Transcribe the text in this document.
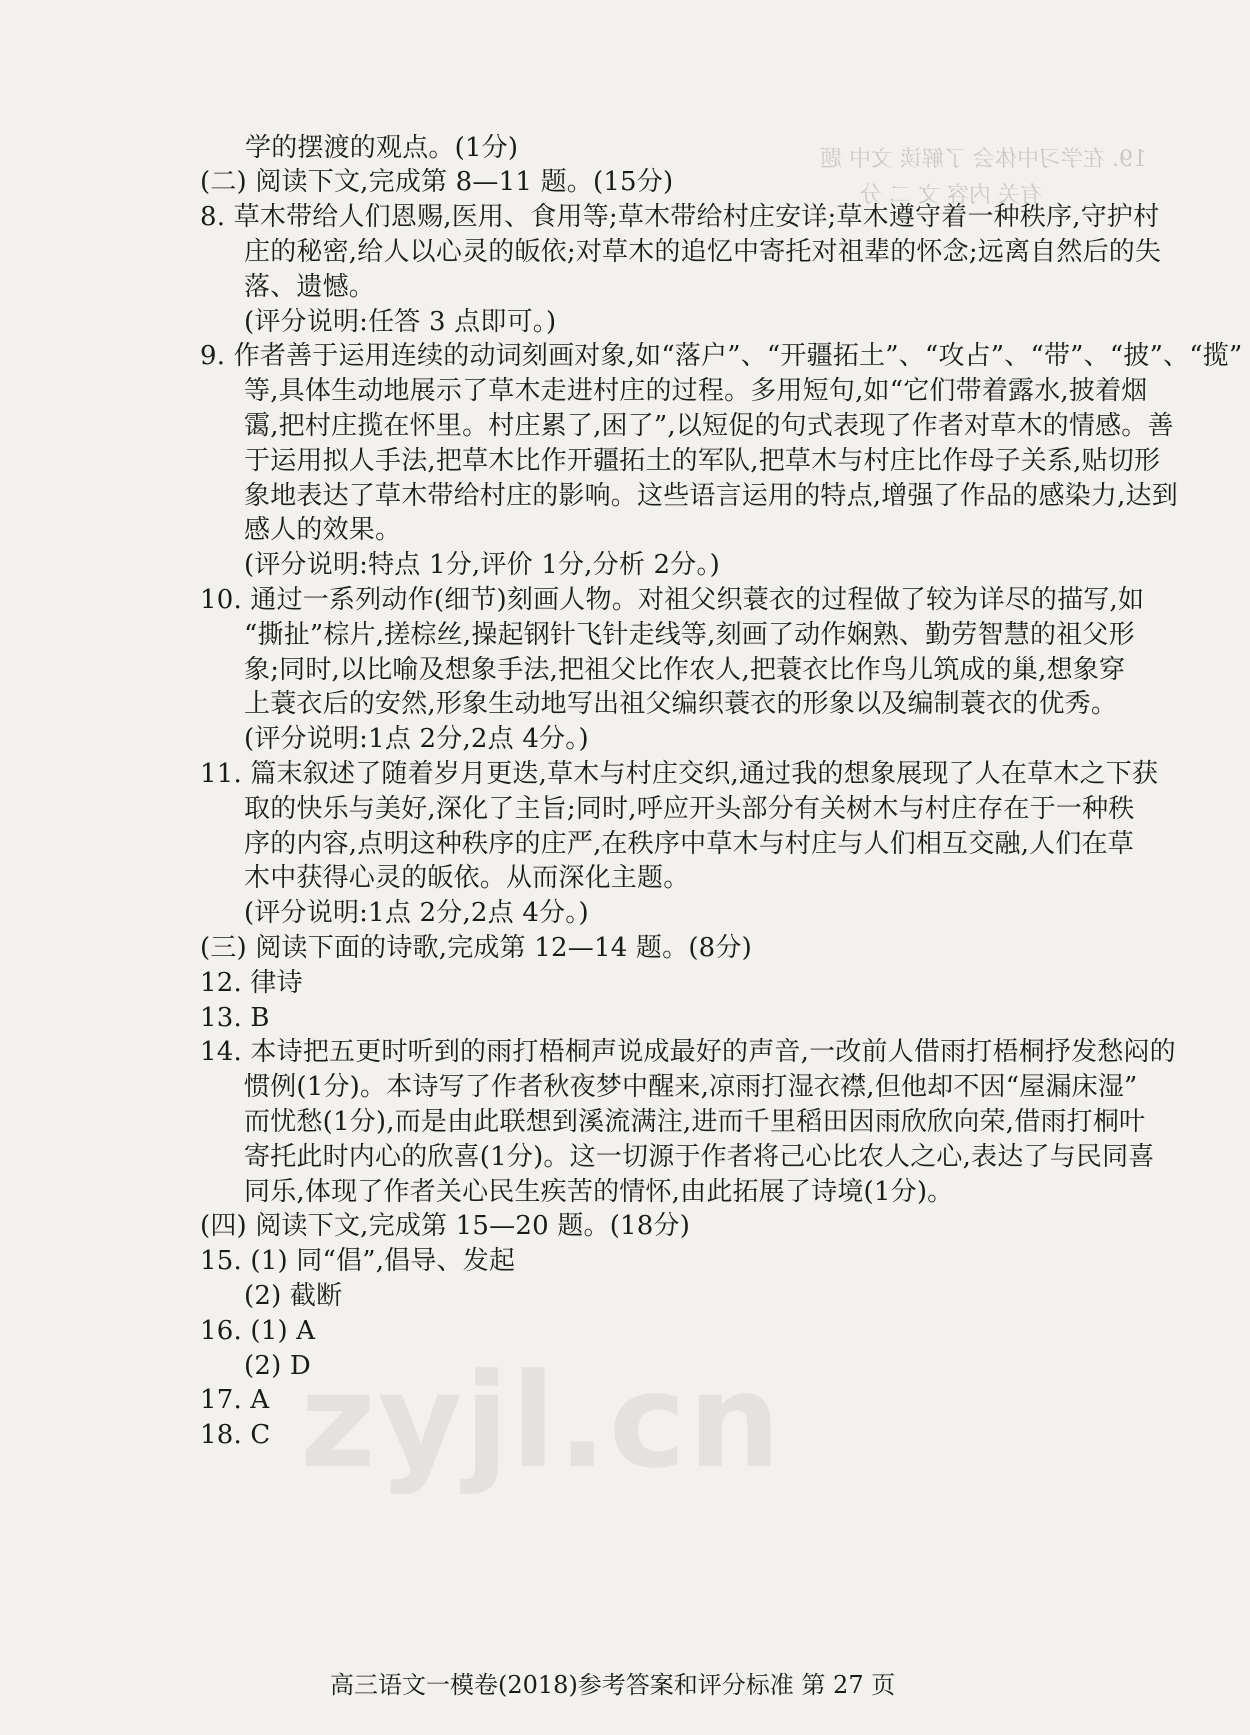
19. 在学习中体会 了解读 文中 题
有关 内容 文 二 分
zyjl.cn
学的摆渡的观点。(1分)
(二) 阅读下文,完成第 8—11 题。(15分)
8. 草木带给人们恩赐,医用、食用等;草木带给村庄安详;草木遵守着一种秩序,守护村
庄的秘密,给人以心灵的皈依;对草木的追忆中寄托对祖辈的怀念;远离自然后的失
落、遗憾。
(评分说明:任答 3 点即可。)
9. 作者善于运用连续的动词刻画对象,如“落户”、“开疆拓土”、“攻占”、“带”、“披”、“揽”
等,具体生动地展示了草木走进村庄的过程。多用短句,如“它们带着露水,披着烟
霭,把村庄揽在怀里。村庄累了,困了”,以短促的句式表现了作者对草木的情感。善
于运用拟人手法,把草木比作开疆拓土的军队,把草木与村庄比作母子关系,贴切形
象地表达了草木带给村庄的影响。这些语言运用的特点,增强了作品的感染力,达到
感人的效果。
(评分说明:特点 1分,评价 1分,分析 2分。)
10. 通过一系列动作(细节)刻画人物。对祖父织蓑衣的过程做了较为详尽的描写,如
“撕扯”棕片,搓棕丝,操起钢针飞针走线等,刻画了动作娴熟、勤劳智慧的祖父形
象;同时,以比喻及想象手法,把祖父比作农人,把蓑衣比作鸟儿筑成的巢,想象穿
上蓑衣后的安然,形象生动地写出祖父编织蓑衣的形象以及编制蓑衣的优秀。
(评分说明:1点 2分,2点 4分。)
11. 篇末叙述了随着岁月更迭,草木与村庄交织,通过我的想象展现了人在草木之下获
取的快乐与美好,深化了主旨;同时,呼应开头部分有关树木与村庄存在于一种秩
序的内容,点明这种秩序的庄严,在秩序中草木与村庄与人们相互交融,人们在草
木中获得心灵的皈依。从而深化主题。
(评分说明:1点 2分,2点 4分。)
(三) 阅读下面的诗歌,完成第 12—14 题。(8分)
12. 律诗
13. B
14. 本诗把五更时听到的雨打梧桐声说成最好的声音,一改前人借雨打梧桐抒发愁闷的
惯例(1分)。本诗写了作者秋夜梦中醒来,凉雨打湿衣襟,但他却不因“屋漏床湿”
而忧愁(1分),而是由此联想到溪流满注,进而千里稻田因雨欣欣向荣,借雨打桐叶
寄托此时内心的欣喜(1分)。这一切源于作者将己心比农人之心,表达了与民同喜
同乐,体现了作者关心民生疾苦的情怀,由此拓展了诗境(1分)。
(四) 阅读下文,完成第 15—20 题。(18分)
15. (1) 同“倡”,倡导、发起
(2) 截断
16. (1) A
(2) D
17. A
18. C
高三语文一模卷(2018)参考答案和评分标准 第 27 页
